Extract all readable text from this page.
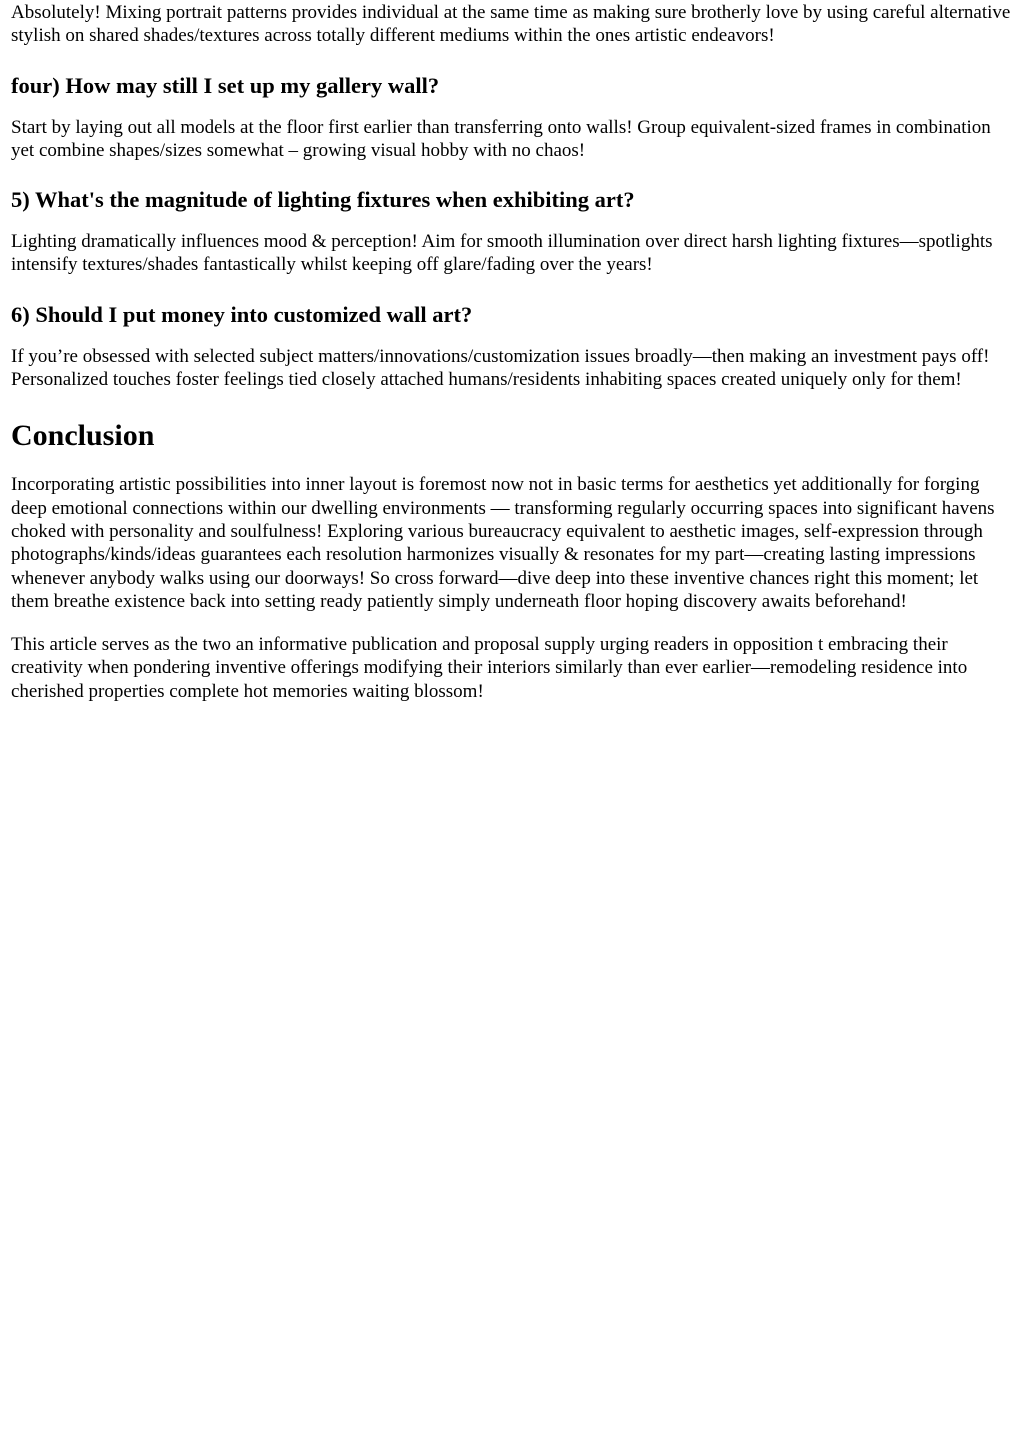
Absolutely! Mixing portrait patterns provides individual at the same time as making sure brotherly love by using careful alternative stylish on shared shades/textures across totally different mediums within the ones artistic endeavors!

four) How may still I set up my gallery wall?

Start by laying out all models at the floor first earlier than transferring onto walls! Group equivalent-sized frames in combination yet combine shapes/sizes somewhat – growing visual hobby with no chaos!

5) What's the magnitude of lighting fixtures when exhibiting art?

Lighting dramatically influences mood & perception! Aim for smooth illumination over direct harsh lighting fixtures—spotlights intensify textures/shades fantastically whilst keeping off glare/fading over the years!

6) Should I put money into customized wall art?

If you’re obsessed with selected subject matters/innovations/customization issues broadly—then making an investment pays off! Personalized touches foster feelings tied closely attached humans/residents inhabiting spaces created uniquely only for them!

Conclusion

Incorporating artistic possibilities into inner layout is foremost now not in basic terms for aesthetics yet additionally for forging deep emotional connections within our dwelling environments — transforming regularly occurring spaces into significant havens choked with personality and soulfulness! Exploring various bureaucracy equivalent to aesthetic images, self-expression through photographs/kinds/ideas guarantees each resolution harmonizes visually & resonates for my part—creating lasting impressions whenever anybody walks using our doorways! So cross forward—dive deep into these inventive chances right this moment; let them breathe existence back into setting ready patiently simply underneath floor hoping discovery awaits beforehand!

This article serves as the two an informative publication and proposal supply urging readers in opposition t embracing their creativity when pondering inventive offerings modifying their interiors similarly than ever earlier—remodeling residence into cherished properties complete hot memories waiting blossom!
